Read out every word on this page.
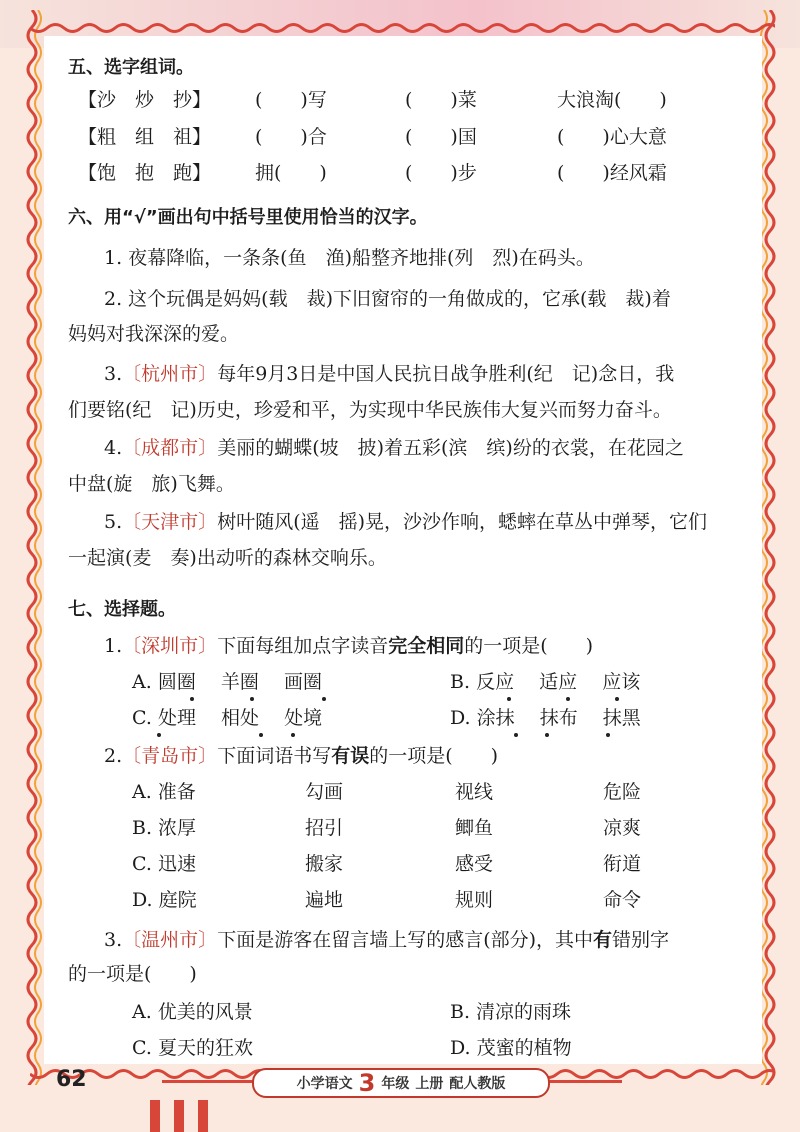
五、选字组词。
【沙　炒　抄】 (　　)写	(　　)菜	大浪淘(　　)
【粗　组　祖】 (　　)合	(　　)国	(　　)心大意
【饱　抱　跑】 拥(　　)	(　　)步	(　　)经风霜
六、用“√”画出句中括号里使用恰当的汉字。
1. 夜幕降临，一条条(鱼　渔)船整齐地排(列　烈)在码头。
2. 这个玩偶是妈妈(载　裁)下旧窗帘的一角做成的，它承(载　裁)着
妈妈对我深深的爱。
3.〔杭州市〕每年9月3日是中国人民抗日战争胜利(纪　记)念日，我
们要铭(纪　记)历史，珍爱和平，为实现中华民族伟大复兴而努力奋斗。
4.〔成都市〕美丽的蝴蝶(坡　披)着五彩(滨　缤)纷的衣裳，在花园之
中盘(旋　旅)飞舞。
5.〔天津市〕树叶随风(遥　摇)晃，沙沙作响，蟋蟀在草丛中弹琴，它们
一起演(麦　奏)出动听的森林交响乐。
七、选择题。
1.〔深圳市〕下面每组加点字读音完全相同的一项是(　　)
A. 圆圈　 羊圈　 画圈	B. 反应　 适应　 应该
C. 处理　 相处　 处境	D. 涂抹　 抹布　 抹黑
2.〔青岛市〕下面词语书写有误的一项是(　　)
A. 准备	勾画	视线	危险
B. 浓厚	招引	鲫鱼	凉爽
C. 迅速	搬家	感受	衔道
D. 庭院	遍地	规则	命令
3.〔温州市〕下面是游客在留言墙上写的感言(部分)，其中有错别字
的一项是(　　)
A. 优美的风景	B. 清凉的雨珠
C. 夏天的狂欢	D. 茂蜜的植物
62	小学语文 3 年级 上册 配人教版
